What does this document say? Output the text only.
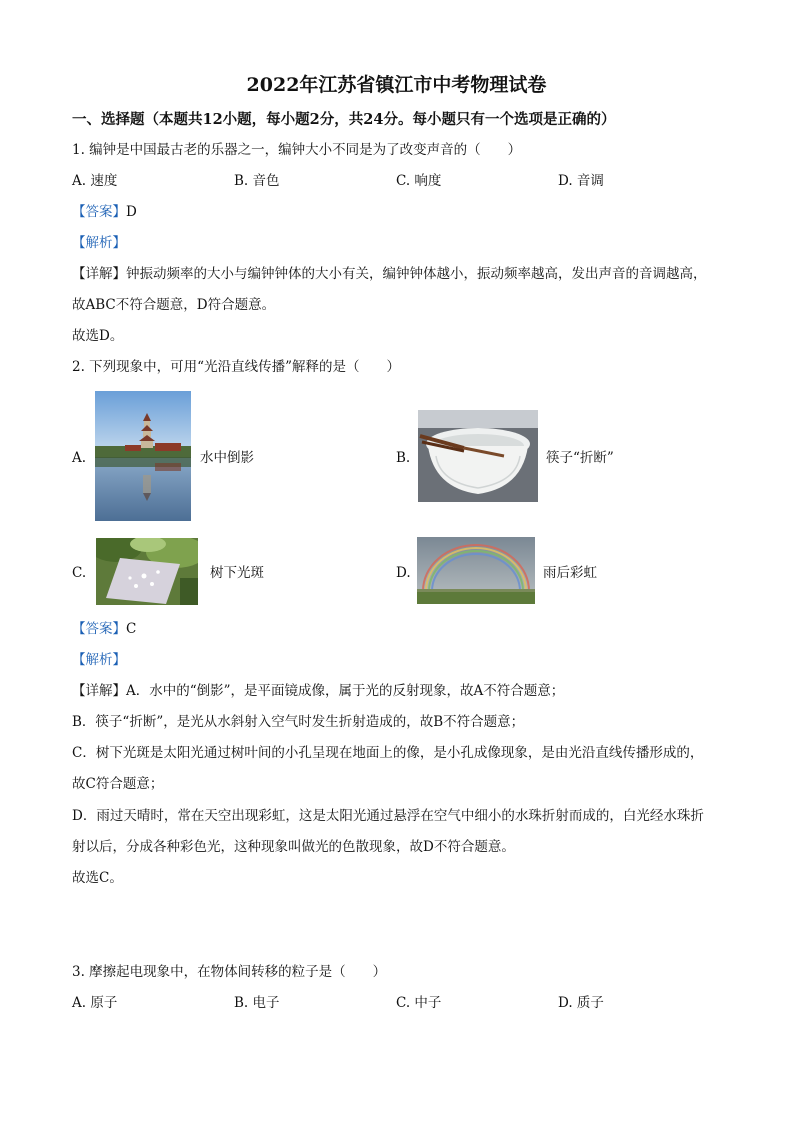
2022年江苏省镇江市中考物理试卷
一、选择题（本题共12小题，每小题2分，共24分。每小题只有一个选项是正确的）
1. 编钟是中国最古老的乐器之一，编钟大小不同是为了改变声音的（　　）
A. 速度	B. 音色	C. 响度	D. 音调
【答案】D
【解析】
【详解】钟振动频率的大小与编钟钟体的大小有关，编钟钟体越小，振动频率越高，发出声音的音调越高，
故ABC不符合题意，D符合题意。
故选D。
2. 下列现象中，可用“光沿直线传播”解释的是（　　）
A.	水中倒影	B.	筷子“折断”
C.	树下光斑	D.	雨后彩虹
【答案】C
【解析】
【详解】A．水中的“倒影”，是平面镜成像，属于光的反射现象，故A不符合题意；
B．筷子“折断”，是光从水斜射入空气时发生折射造成的，故B不符合题意；
C．树下光斑是太阳光通过树叶间的小孔呈现在地面上的像，是小孔成像现象，是由光沿直线传播形成的，
故C符合题意；
D．雨过天晴时，常在天空出现彩虹，这是太阳光通过悬浮在空气中细小的水珠折射而成的，白光经水珠折
射以后，分成各种彩色光，这种现象叫做光的色散现象，故D不符合题意。
故选C。
3. 摩擦起电现象中，在物体间转移的粒子是（　　）
A. 原子	B. 电子	C. 中子	D. 质子
